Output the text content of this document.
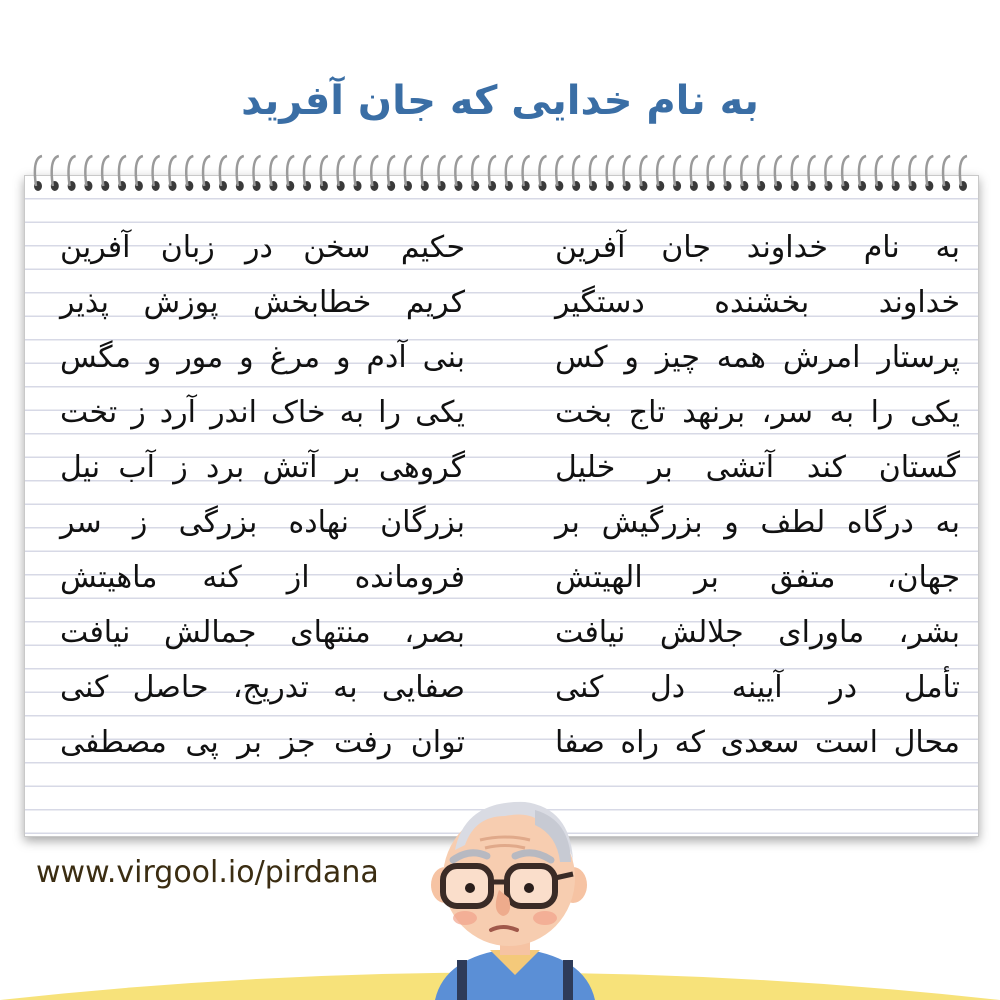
به نام خدایی که جان آفرید
به نام خداوند جان آفرین
خداوند بخشنده دستگیر
پرستار امرش همه چیز و کس
یکی را به سر، برنهد تاج بخت
گستان کند آتشی بر خلیل
به درگاه لطف و بزرگیش بر
جهان، متفق بر الهیتش
بشر، ماورای جلالش نیافت
تأمل در آیینه دل کنی
محال است سعدی که راه صفا
حکیم سخن در زبان آفرین
کریم خطابخش پوزش پذیر
بنی آدم و مرغ و مور و مگس
یکی را به خاک اندر آرد ز تخت
گروهی بر آتش برد ز آب نیل
بزرگان نهاده بزرگی ز سر
فرومانده از کنه ماهیتش
بصر، منتهای جمالش نیافت
صفایی به تدریج، حاصل کنی
توان رفت جز بر پی مصطفی
www.virgool.io/pirdana
